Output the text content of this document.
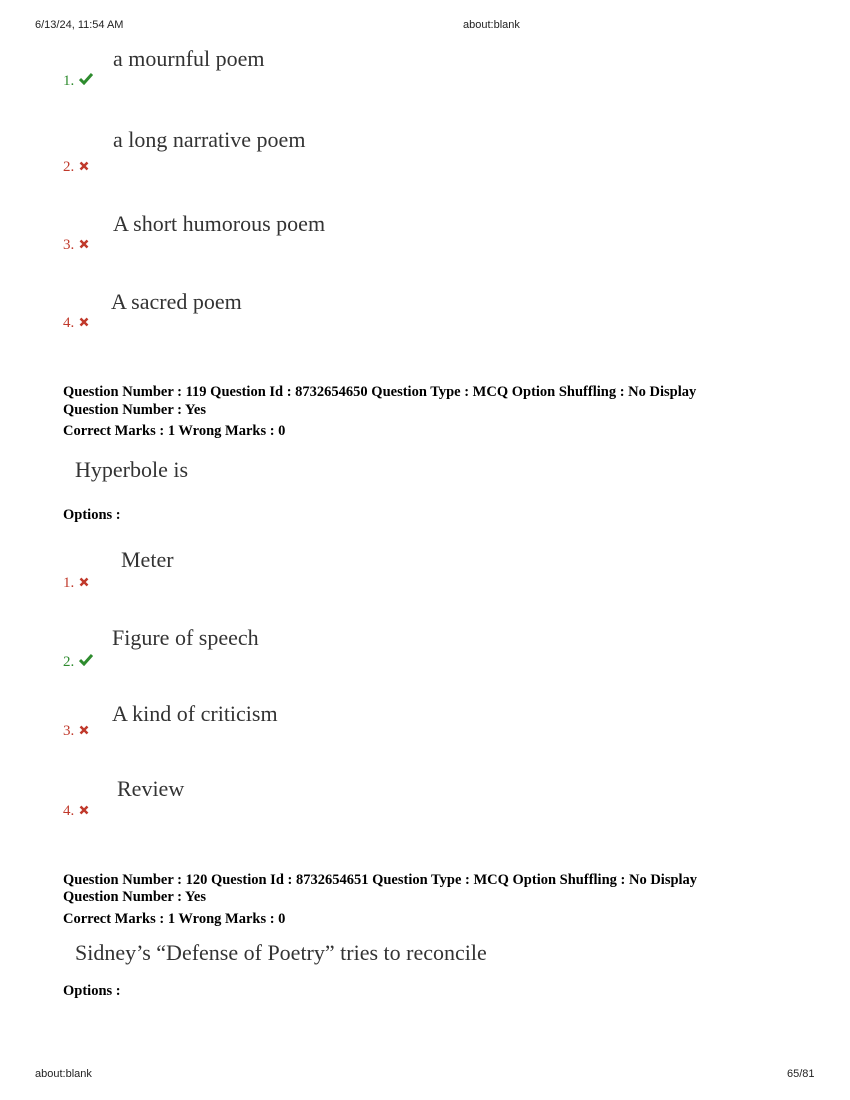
6/13/24, 11:54 AM	about:blank
a mournful poem
1.
a long narrative poem
2.
A short humorous poem
3.
A sacred poem
4.
Question Number : 119 Question Id : 8732654650 Question Type : MCQ Option Shuffling : No Display
Question Number : Yes
Correct Marks : 1 Wrong Marks : 0
Hyperbole is
Options :
Meter
1.
Figure of speech
2.
A kind of criticism
3.
Review
4.
Question Number : 120 Question Id : 8732654651 Question Type : MCQ Option Shuffling : No Display
Question Number : Yes
Correct Marks : 1 Wrong Marks : 0
Sidney’s “Defense of Poetry” tries to reconcile
Options :
about:blank	65/81
